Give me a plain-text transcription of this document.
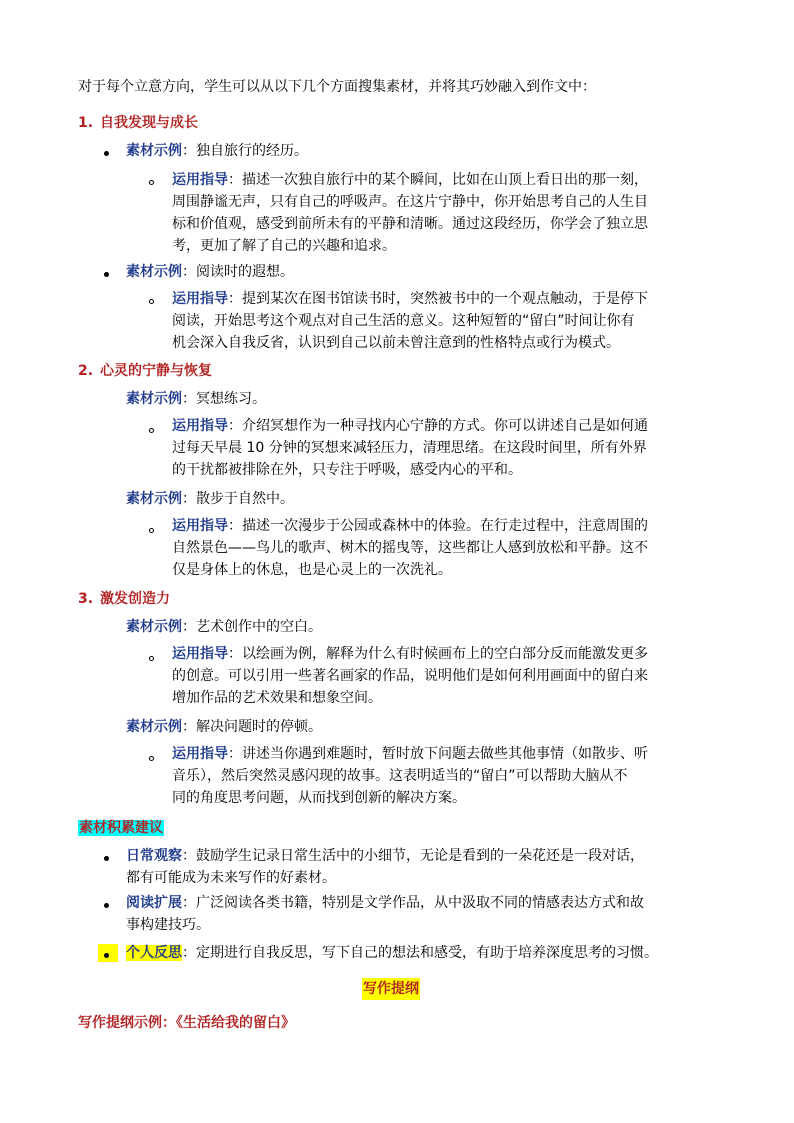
对于每个立意方向，学生可以从以下几个方面搜集素材，并将其巧妙融入到作文中：
1. 自我发现与成长
素材示例：独自旅行的经历。
运用指导：描述一次独自旅行中的某个瞬间，比如在山顶上看日出的那一刻，
周围静谧无声，只有自己的呼吸声。在这片宁静中，你开始思考自己的人生目
标和价值观，感受到前所未有的平静和清晰。通过这段经历，你学会了独立思
考，更加了解了自己的兴趣和追求。
素材示例：阅读时的遐想。
运用指导：提到某次在图书馆读书时，突然被书中的一个观点触动，于是停下
阅读，开始思考这个观点对自己生活的意义。这种短暂的“留白”时间让你有
机会深入自我反省，认识到自己以前未曾注意到的性格特点或行为模式。
2. 心灵的宁静与恢复
素材示例：冥想练习。
运用指导：介绍冥想作为一种寻找内心宁静的方式。你可以讲述自己是如何通
过每天早晨 10 分钟的冥想来减轻压力，清理思绪。在这段时间里，所有外界
的干扰都被排除在外，只专注于呼吸，感受内心的平和。
素材示例：散步于自然中。
运用指导：描述一次漫步于公园或森林中的体验。在行走过程中，注意周围的
自然景色——鸟儿的歌声、树木的摇曳等，这些都让人感到放松和平静。这不
仅是身体上的休息，也是心灵上的一次洗礼。
3. 激发创造力
素材示例：艺术创作中的空白。
运用指导：以绘画为例，解释为什么有时候画布上的空白部分反而能激发更多
的创意。可以引用一些著名画家的作品，说明他们是如何利用画面中的留白来
增加作品的艺术效果和想象空间。
素材示例：解决问题时的停顿。
运用指导：讲述当你遇到难题时，暂时放下问题去做些其他事情（如散步、听
音乐），然后突然灵感闪现的故事。这表明适当的“留白”可以帮助大脑从不
同的角度思考问题，从而找到创新的解决方案。
素材积累建议
日常观察：鼓励学生记录日常生活中的小细节，无论是看到的一朵花还是一段对话，
都有可能成为未来写作的好素材。
阅读扩展：广泛阅读各类书籍，特别是文学作品，从中汲取不同的情感表达方式和故
事构建技巧。
个人反思：定期进行自我反思，写下自己的想法和感受，有助于培养深度思考的习惯。
写作提纲
写作提纲示例：《生活给我的留白》
